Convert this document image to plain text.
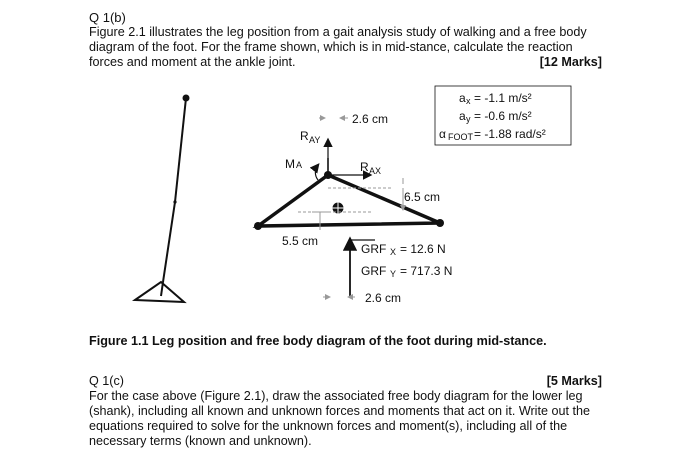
Q 1(b)
Figure 2.1 illustrates the leg position from a gait analysis study of walking and a free body diagram of the foot. For the frame shown, which is in mid-stance, calculate the reaction forces and moment at the ankle joint.	[12 Marks]
2.6 cm
6.5 cm
5.5 cm
2.6 cm
R AY
R AX
M A
a x = -1.1 m/s²
a y = -0.6 m/s²
α FOOT = -1.88 rad/s²
GRF X = 12.6 N
GRF Y = 717.3 N
Figure 1.1 Leg position and free body diagram of the foot during mid-stance.
Q 1(c)	[5 Marks]
For the case above (Figure 2.1), draw the associated free body diagram for the lower leg (shank), including all known and unknown forces and moments that act on it. Write out the equations required to solve for the unknown forces and moment(s), including all of the necessary terms (known and unknown).
